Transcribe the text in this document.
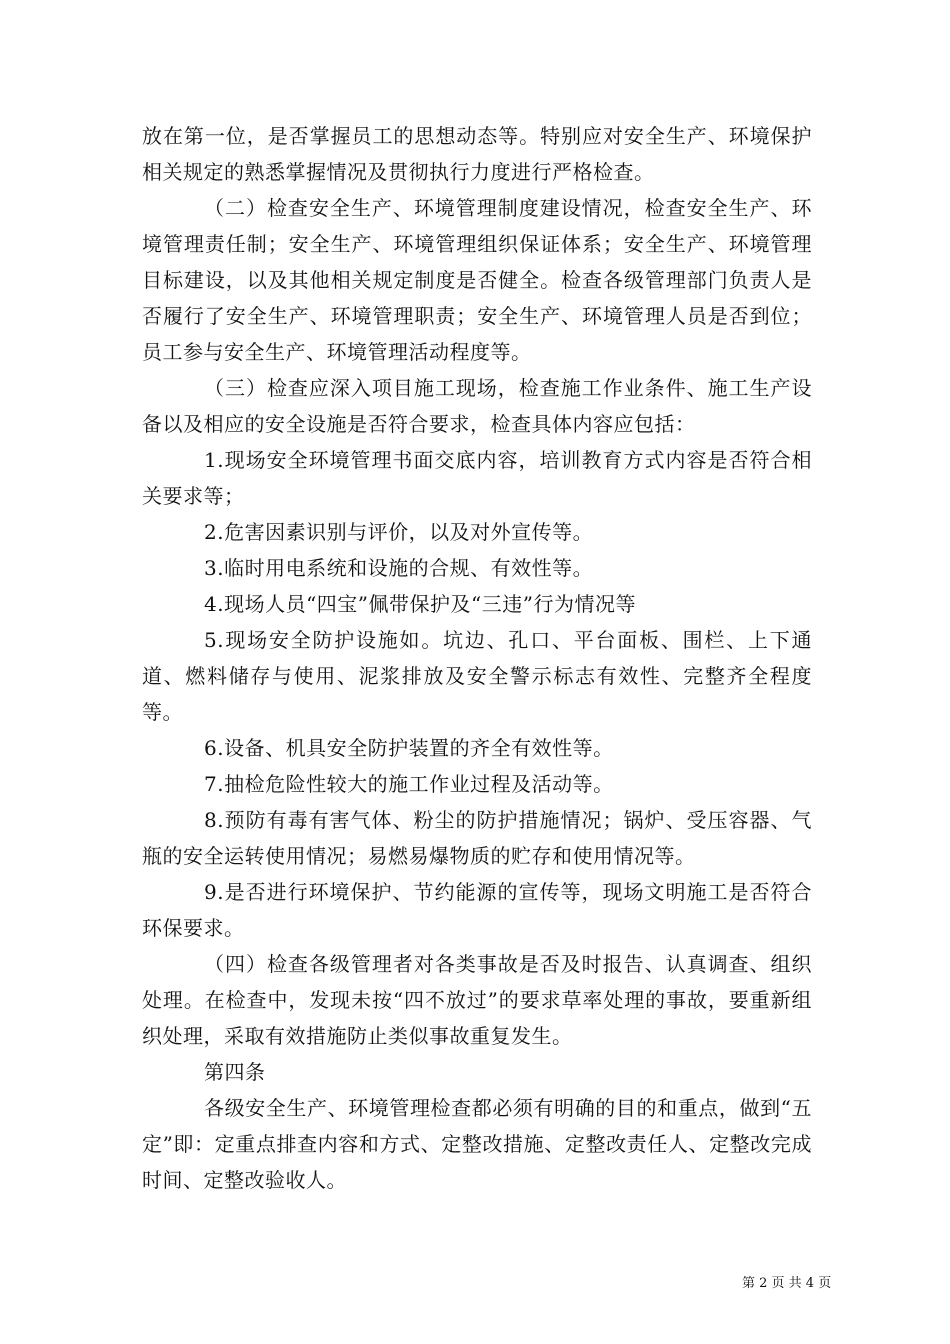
放在第一位，是否掌握员工的思想动态等。特别应对安全生产、环境保护相关规定的熟悉掌握情况及贯彻执行力度进行严格检查。

（二）检查安全生产、环境管理制度建设情况，检查安全生产、环境管理责任制；安全生产、环境管理组织保证体系；安全生产、环境管理目标建设，以及其他相关规定制度是否健全。检查各级管理部门负责人是否履行了安全生产、环境管理职责；安全生产、环境管理人员是否到位；员工参与安全生产、环境管理活动程度等。

（三）检查应深入项目施工现场，检查施工作业条件、施工生产设备以及相应的安全设施是否符合要求，检查具体内容应包括：

1.现场安全环境管理书面交底内容，培训教育方式内容是否符合相关要求等；

2.危害因素识别与评价，以及对外宣传等。

3.临时用电系统和设施的合规、有效性等。

4.现场人员“四宝”佩带保护及“三违”行为情况等

5.现场安全防护设施如。坑边、孔口、平台面板、围栏、上下通道、燃料储存与使用、泥浆排放及安全警示标志有效性、完整齐全程度等。

6.设备、机具安全防护装置的齐全有效性等。

7.抽检危险性较大的施工作业过程及活动等。

8.预防有毒有害气体、粉尘的防护措施情况；锅炉、受压容器、气瓶的安全运转使用情况；易燃易爆物质的贮存和使用情况等。

9.是否进行环境保护、节约能源的宣传等，现场文明施工是否符合环保要求。

（四）检查各级管理者对各类事故是否及时报告、认真调查、组织处理。在检查中，发现未按“四不放过”的要求草率处理的事故，要重新组织处理，采取有效措施防止类似事故重复发生。

第四条

各级安全生产、环境管理检查都必须有明确的目的和重点，做到“五定”即：定重点排查内容和方式、定整改措施、定整改责任人、定整改完成时间、定整改验收人。

第 2 页 共 4 页
